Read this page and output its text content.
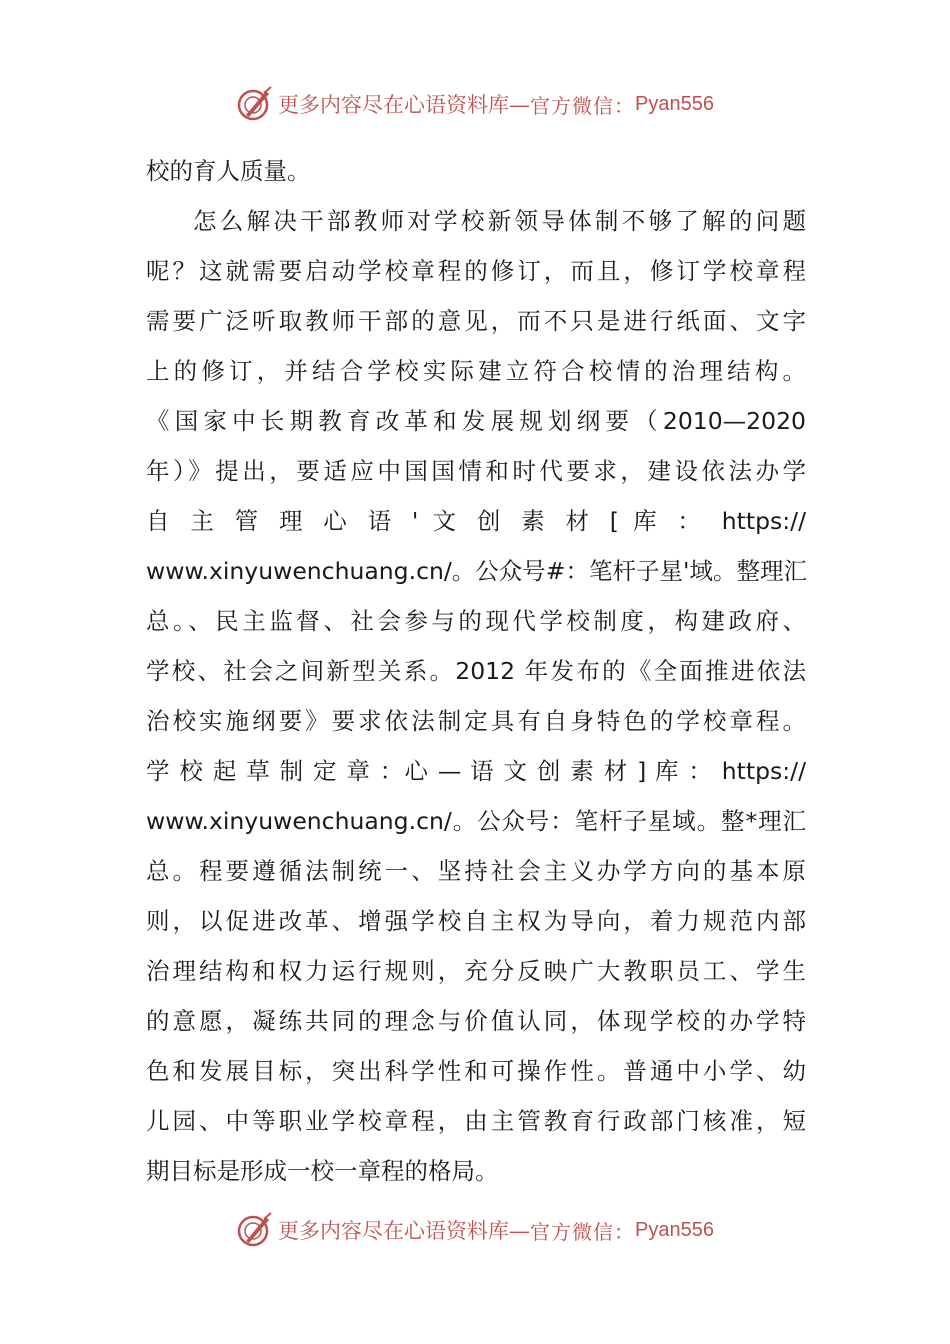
更多内容尽在心语资料库— 官方微信： Pyan556
校的育人质量。
怎么解决干部教师对学校新领导体制不够了解的问题
呢？这就需要启动学校章程的修订，而且，修订学校章程
需要广泛听取教师干部的意见，而不只是进行纸面、文字
上的修订，并结合学校实际建立符合校情的治理结构。
《国家中长期教育改革和发展规划纲要（2010—2020
年）》提出，要适应中国国情和时代要求，建设依法办学
自 主 管 理 心 语 ' 文 创 素 材 [ 库 ： https://
www.xinyuwenchuang.cn/。公众号#：笔杆子星'域。整理汇
总。、民主监督、社会参与的现代学校制度，构建政府、
学校、社会之间新型关系。2012 年发布的《全面推进依法
治校实施纲要》要求依法制定具有自身特色的学校章程。
学 校 起 草 制 定 章 ：心 — 语 文 创 素 材 ] 库 ： https://
www.xinyuwenchuang.cn/。公众号：笔杆子星域。整*理汇
总。程要遵循法制统一、坚持社会主义办学方向的基本原
则，以促进改革、增强学校自主权为导向，着力规范内部
治理结构和权力运行规则，充分反映广大教职员工、学生
的意愿，凝练共同的理念与价值认同，体现学校的办学特
色和发展目标，突出科学性和可操作性。普通中小学、幼
儿园、中等职业学校章程，由主管教育行政部门核准，短
期目标是形成一校一章程的格局。
更多内容尽在心语资料库— 官方微信： Pyan556
